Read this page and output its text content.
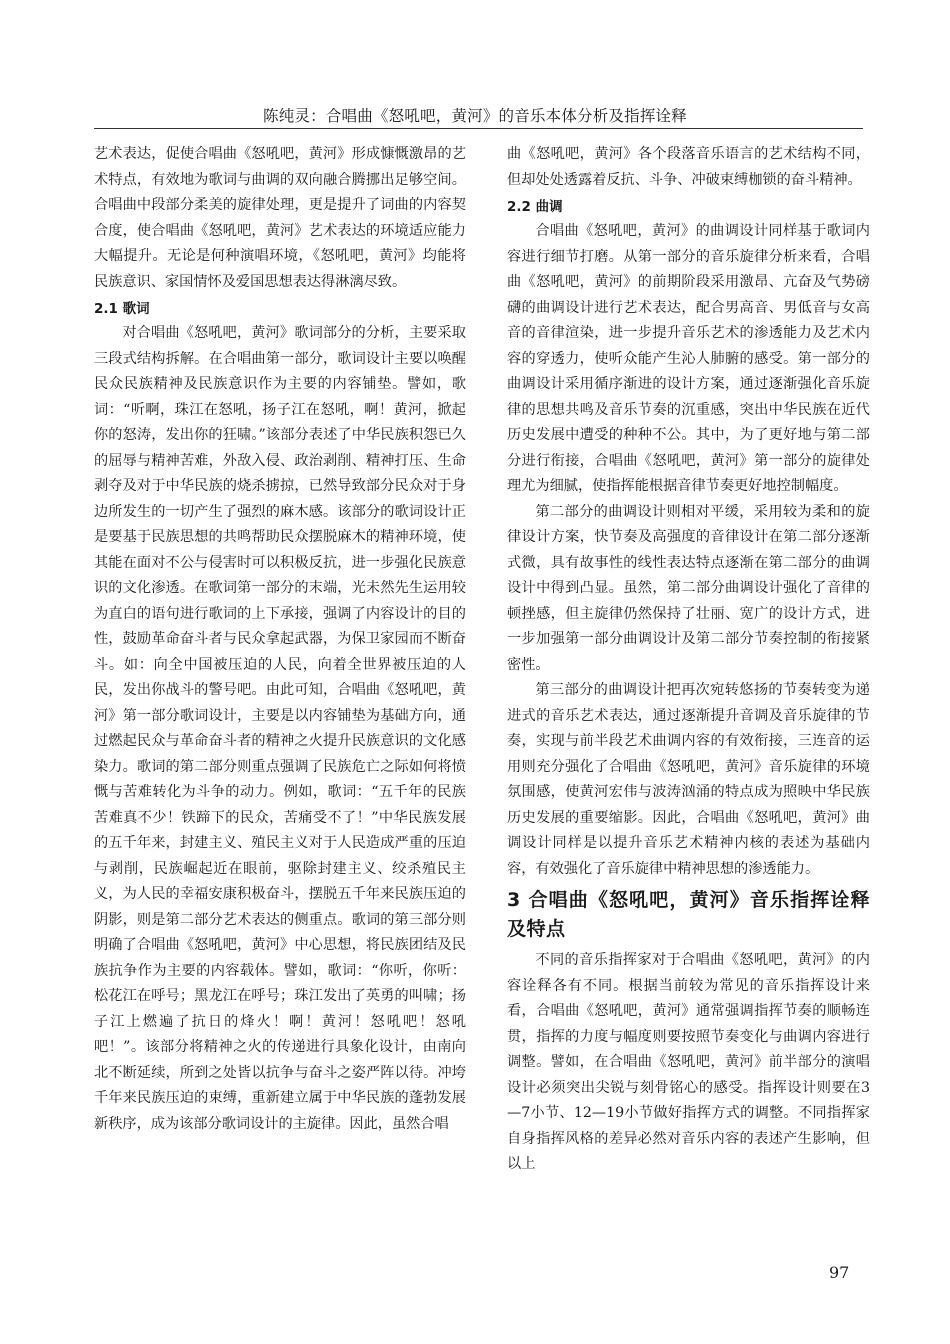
陈纯灵：合唱曲《怒吼吧，黄河》的音乐本体分析及指挥诠释

艺术表达，促使合唱曲《怒吼吧，黄河》形成慷慨激昂的艺术特点，有效地为歌词与曲调的双向融合腾挪出足够空间。合唱曲中段部分柔美的旋律处理，更是提升了词曲的内容契合度，使合唱曲《怒吼吧，黄河》艺术表达的环境适应能力大幅提升。无论是何种演唱环境，《怒吼吧，黄河》均能将民族意识、家国情怀及爱国思想表达得淋漓尽致。

2.1 歌词

对合唱曲《怒吼吧，黄河》歌词部分的分析，主要采取三段式结构拆解。在合唱曲第一部分，歌词设计主要以唤醒民众民族精神及民族意识作为主要的内容铺垫。譬如，歌词：“听啊，珠江在怒吼，扬子江在怒吼，啊！黄河，掀起你的怒涛，发出你的狂啸。”该部分表述了中华民族积怨已久的屈辱与精神苦难，外敌入侵、政治剥削、精神打压、生命剥夺及对于中华民族的烧杀掳掠，已然导致部分民众对于身边所发生的一切产生了强烈的麻木感。该部分的歌词设计正是要基于民族思想的共鸣帮助民众摆脱麻木的精神环境，使其能在面对不公与侵害时可以积极反抗，进一步强化民族意识的文化渗透。在歌词第一部分的末端，光未然先生运用较为直白的语句进行歌词的上下承接，强调了内容设计的目的性，鼓励革命奋斗者与民众拿起武器，为保卫家园而不断奋斗。如：向全中国被压迫的人民，向着全世界被压迫的人民，发出你战斗的警号吧。由此可知，合唱曲《怒吼吧，黄河》第一部分歌词设计，主要是以内容铺垫为基础方向，通过燃起民众与革命奋斗者的精神之火提升民族意识的文化感染力。歌词的第二部分则重点强调了民族危亡之际如何将愤慨与苦难转化为斗争的动力。例如，歌词：“五千年的民族苦难真不少！铁蹄下的民众，苦痛受不了！”中华民族发展的五千年来，封建主义、殖民主义对于人民造成严重的压迫与剥削，民族崛起近在眼前，驱除封建主义、绞杀殖民主义，为人民的幸福安康积极奋斗，摆脱五千年来民族压迫的阴影，则是第二部分艺术表达的侧重点。歌词的第三部分则明确了合唱曲《怒吼吧，黄河》中心思想，将民族团结及民族抗争作为主要的内容载体。譬如，歌词：“你听，你听：松花江在呼号；黑龙江在呼号；珠江发出了英勇的叫啸；扬子江上燃遍了抗日的烽火！啊！黄河！怒吼吧！怒吼吧！”。该部分将精神之火的传递进行具象化设计，由南向北不断延续，所到之处皆以抗争与奋斗之姿严阵以待。冲垮千年来民族压迫的束缚，重新建立属于中华民族的蓬勃发展新秩序，成为该部分歌词设计的主旋律。因此，虽然合唱

曲《怒吼吧，黄河》各个段落音乐语言的艺术结构不同，但却处处透露着反抗、斗争、冲破束缚枷锁的奋斗精神。

2.2 曲调

合唱曲《怒吼吧，黄河》的曲调设计同样基于歌词内容进行细节打磨。从第一部分的音乐旋律分析来看，合唱曲《怒吼吧，黄河》的前期阶段采用激昂、亢奋及气势磅礴的曲调设计进行艺术表达，配合男高音、男低音与女高音的音律渲染，进一步提升音乐艺术的渗透能力及艺术内容的穿透力，使听众能产生沁人肺腑的感受。第一部分的曲调设计采用循序渐进的设计方案，通过逐渐强化音乐旋律的思想共鸣及音乐节奏的沉重感，突出中华民族在近代历史发展中遭受的种种不公。其中，为了更好地与第二部分进行衔接，合唱曲《怒吼吧，黄河》第一部分的旋律处理尤为细腻，使指挥能根据音律节奏更好地控制幅度。

第二部分的曲调设计则相对平缓，采用较为柔和的旋律设计方案，快节奏及高强度的音律设计在第二部分逐渐式微，具有故事性的线性表达特点逐渐在第二部分的曲调设计中得到凸显。虽然，第二部分曲调设计强化了音律的顿挫感，但主旋律仍然保持了壮丽、宽广的设计方式，进一步加强第一部分曲调设计及第二部分节奏控制的衔接紧密性。

第三部分的曲调设计把再次宛转悠扬的节奏转变为递进式的音乐艺术表达，通过逐渐提升音调及音乐旋律的节奏，实现与前半段艺术曲调内容的有效衔接，三连音的运用则充分强化了合唱曲《怒吼吧，黄河》音乐旋律的环境氛围感，使黄河宏伟与波涛汹涌的特点成为照映中华民族历史发展的重要缩影。因此，合唱曲《怒吼吧，黄河》曲调设计同样是以提升音乐艺术精神内核的表述为基础内容，有效强化了音乐旋律中精神思想的渗透能力。

3 合唱曲《怒吼吧，黄河》音乐指挥诠释及特点

不同的音乐指挥家对于合唱曲《怒吼吧，黄河》的内容诠释各有不同。根据当前较为常见的音乐指挥设计来看，合唱曲《怒吼吧，黄河》通常强调指挥节奏的顺畅连贯，指挥的力度与幅度则要按照节奏变化与曲调内容进行调整。譬如，在合唱曲《怒吼吧，黄河》前半部分的演唱设计必须突出尖锐与刻骨铭心的感受。指挥设计则要在3—7小节、12—19小节做好指挥方式的调整。不同指挥家自身指挥风格的差异必然对音乐内容的表述产生影响，但以上

97
